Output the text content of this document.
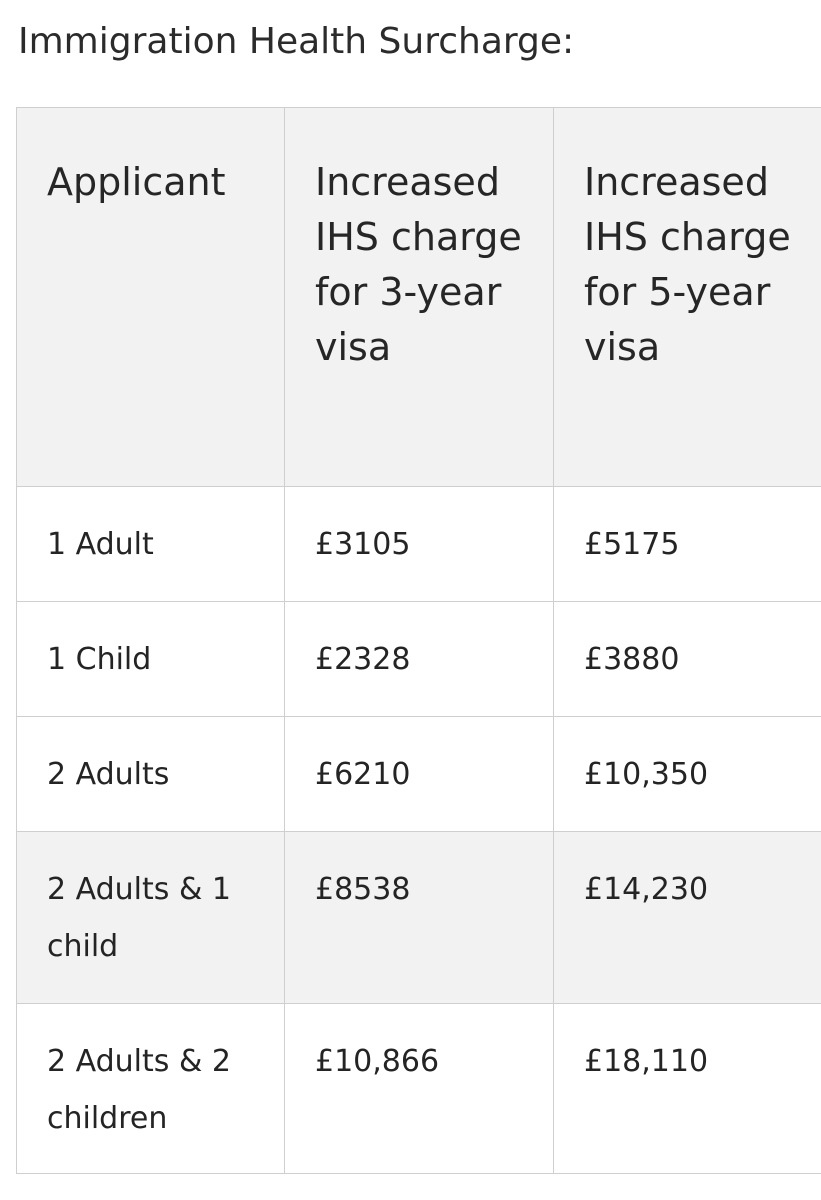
Immigration Health Surcharge:
Applicant	Increased IHS charge for 3-year visa	Increased IHS charge for 5-year visa
1 Adult	£3105	£5175
1 Child	£2328	£3880
2 Adults	£6210	£10,350
2 Adults & 1 child	£8538	£14,230
2 Adults & 2 children	£10,866	£18,110
